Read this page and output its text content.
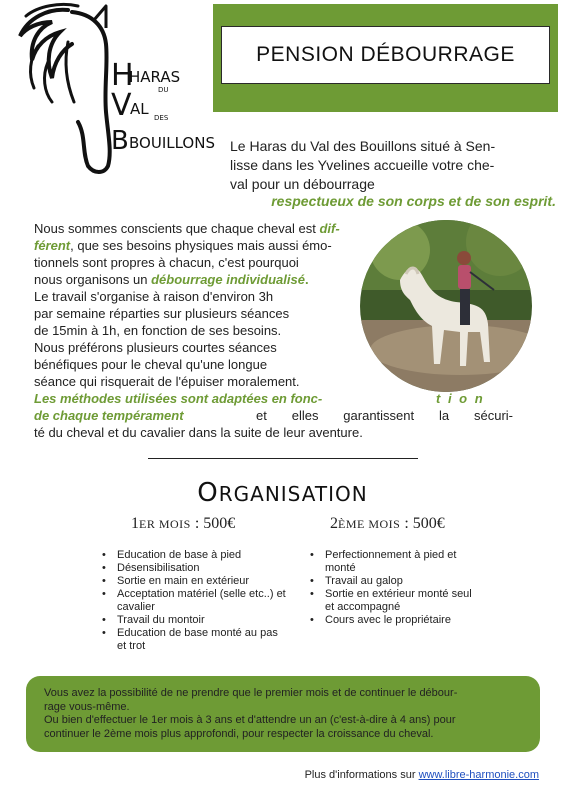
H
HARAS
DU
V
AL DES
B BOUILLONS
PENSION DÉBOURRAGE
Le Haras du Val des Bouillons situé à Sen-
lisse dans les Yvelines accueille votre che-
val pour un débourrage
respectueux de son corps et de son esprit.
Nous sommes conscients que chaque cheval est dif-
férent, que ses besoins physiques mais aussi émo-
tionnels sont propres à chacun, c'est pourquoi
nous organisons un débourrage individualisé.
Le travail s'organise à raison d'environ 3h
par semaine réparties sur plusieurs séances
de 15min à 1h, en fonction de ses besoins.
Nous préférons plusieurs courtes séances
bénéfiques pour le cheval qu'une longue
séance qui risquerait de l'épuiser moralement.
Les méthodes utilisées sont adaptées en fonc-	t i o n
de chaque tempérament	et elles garantissent la sécuri-
té du cheval et du cavalier dans la suite de leur aventure.
ORGANISATION
1ER MOIS : 500€	2ÈME MOIS : 500€
• Education de base à pied
• Désensibilisation
• Sortie en main en extérieur
• Acceptation matériel (selle etc..) et cavalier
• Travail du montoir
• Education de base monté au pas et trot
• Perfectionnement à pied et monté
• Travail au galop
• Sortie en extérieur monté seul et accompagné
• Cours avec le propriétaire
Vous avez la possibilité de ne prendre que le premier mois et de continuer le débour-
rage vous-même.
Ou bien d'effectuer le 1er mois à 3 ans et d'attendre un an (c'est-à-dire à 4 ans) pour
continuer le 2ème mois plus approfondi, pour respecter la croissance du cheval.
Plus d'informations sur www.libre-harmonie.com
